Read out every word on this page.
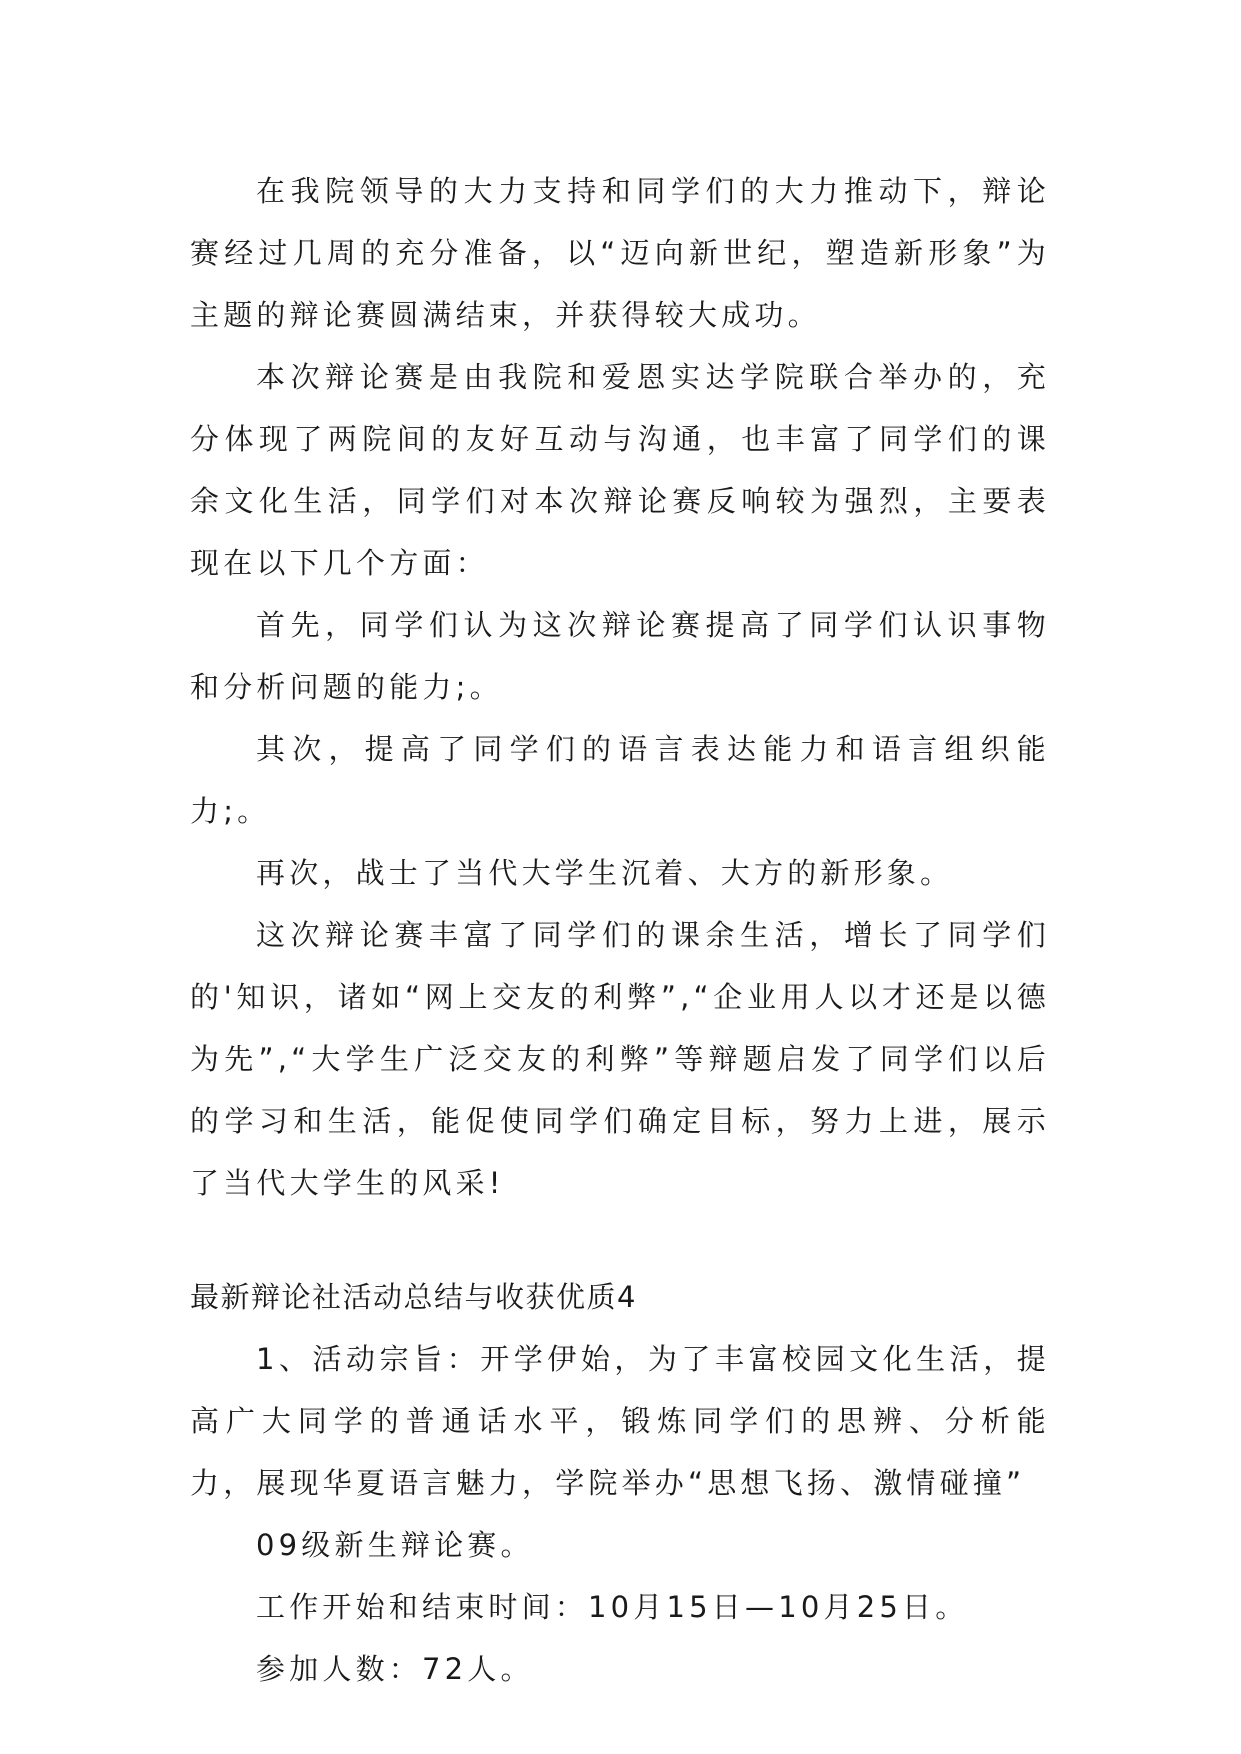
在我院领导的大力支持和同学们的大力推动下，辩论赛经过几周的充分准备，以“迈向新世纪，塑造新形象”为主题的辩论赛圆满结束，并获得较大成功。

本次辩论赛是由我院和爱恩实达学院联合举办的，充分体现了两院间的友好互动与沟通，也丰富了同学们的课余文化生活，同学们对本次辩论赛反响较为强烈，主要表现在以下几个方面：

首先，同学们认为这次辩论赛提高了同学们认识事物和分析问题的能力;。

其次，提高了同学们的语言表达能力和语言组织能力;。

再次，战士了当代大学生沉着、大方的新形象。

这次辩论赛丰富了同学们的课余生活，增长了同学们的'知识，诸如“网上交友的利弊”,“企业用人以才还是以德为先”,“大学生广泛交友的利弊”等辩题启发了同学们以后的学习和生活，能促使同学们确定目标，努力上进，展示了当代大学生的风采!

最新辩论社活动总结与收获优质4

1、活动宗旨：开学伊始，为了丰富校园文化生活，提高广大同学的普通话水平，锻炼同学们的思辨、分析能力，展现华夏语言魅力，学院举办“思想飞扬、激情碰撞”

09级新生辩论赛。

工作开始和结束时间：10月15日—10月25日。

参加人数：72人。
